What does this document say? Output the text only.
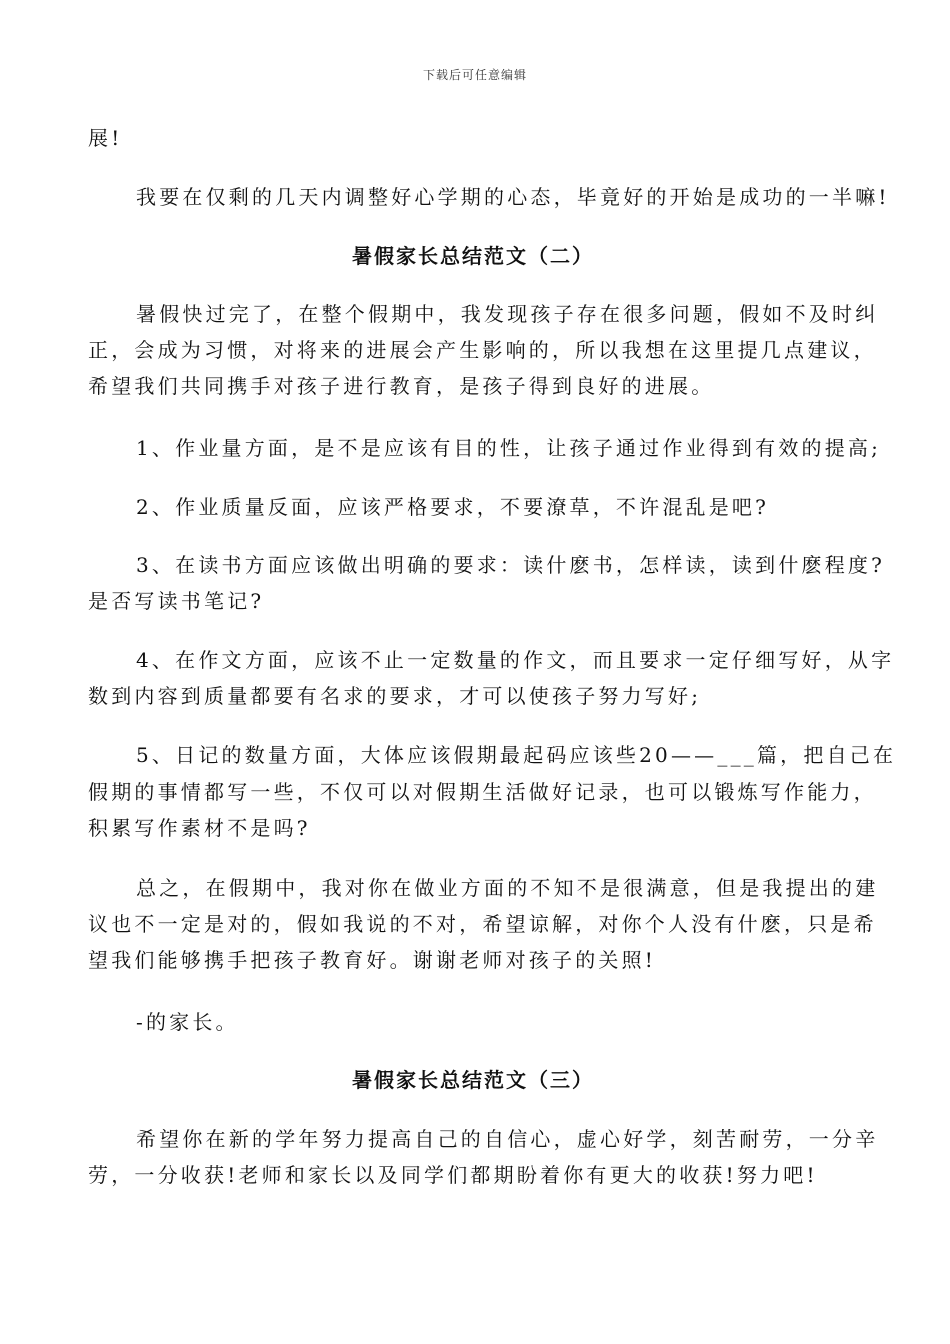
下载后可任意编辑
展!
我要在仅剩的几天内调整好心学期的心态，毕竟好的开始是成功的一半嘛!
暑假家长总结范文（二）
暑假快过完了，在整个假期中，我发现孩子存在很多问题，假如不及时纠
正，会成为习惯，对将来的进展会产生影响的，所以我想在这里提几点建议，
希望我们共同携手对孩子进行教育，是孩子得到良好的进展。
1、作业量方面，是不是应该有目的性，让孩子通过作业得到有效的提高;
2、作业质量反面，应该严格要求，不要潦草，不许混乱是吧?
3、在读书方面应该做出明确的要求：读什麽书，怎样读，读到什麽程度?
是否写读书笔记?
4、在作文方面，应该不止一定数量的作文，而且要求一定仔细写好，从字
数到内容到质量都要有名求的要求，才可以使孩子努力写好;
5、日记的数量方面，大体应该假期最起码应该些20——___篇，把自己在
假期的事情都写一些，不仅可以对假期生活做好记录，也可以锻炼写作能力，
积累写作素材不是吗?
总之，在假期中，我对你在做业方面的不知不是很满意，但是我提出的建
议也不一定是对的，假如我说的不对，希望谅解，对你个人没有什麽，只是希
望我们能够携手把孩子教育好。谢谢老师对孩子的关照!
-的家长。
暑假家长总结范文（三）
希望你在新的学年努力提高自己的自信心，虚心好学，刻苦耐劳，一分辛
劳，一分收获!老师和家长以及同学们都期盼着你有更大的收获!努力吧!
